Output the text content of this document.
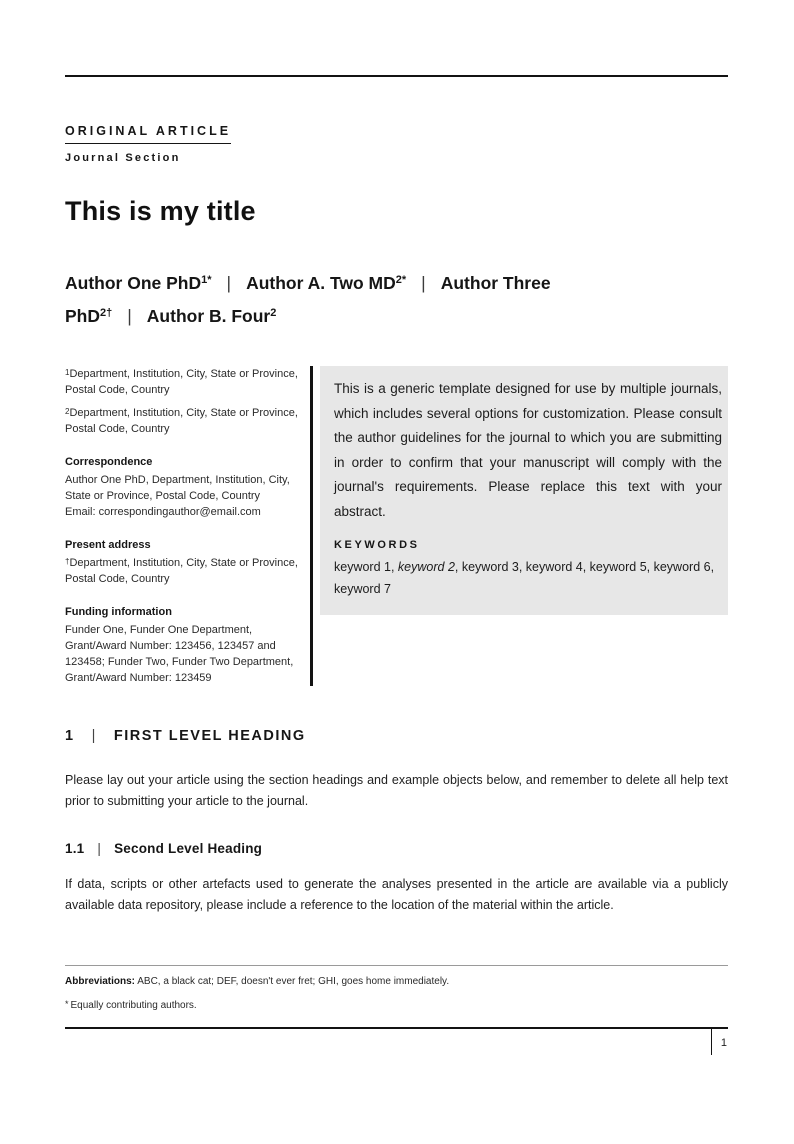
ORIGINAL ARTICLE
Journal Section
This is my title
Author One PhD$^{1*}$ | Author A. Two $MD^{2*}$ | Author Three PhD$^{2\dagger}$ | Author B. Four$^2$
$^1$Department, Institution, City, State or Province, Postal Code, Country
$^2$Department, Institution, City, State or Province, Postal Code, Country
Correspondence
Author One PhD, Department, Institution, City, State or Province, Postal Code, Country
Email: correspondingauthor@email.com
Present address
†Department, Institution, City, State or Province, Postal Code, Country
Funding information
Funder One, Funder One Department, Grant/Award Number: 123456, 123457 and 123458; Funder Two, Funder Two Department, Grant/Award Number: 123459

This is a generic template designed for use by multiple journals, which includes several options for customization. Please consult the author guidelines for the journal to which you are submitting in order to confirm that your manuscript will comply with the journal's requirements. Please replace this text with your abstract.

KEYWORDS

keyword 1, keyword 2, keyword 3, keyword 4, keyword 5, keyword 6, keyword 7

1 | FIRST LEVEL HEADING

Please lay out your article using the section headings and example objects below, and remember to delete all help text prior to submitting your article to the journal.

1.1 | Second Level Heading

If data, scripts or other artefacts used to generate the analyses presented in the article are available via a publicly available data repository, please include a reference to the location of the material within the article.

Abbreviations: ABC, a black cat; DEF, doesn't ever fret; GHI, goes home immediately.
* Equally contributing authors.
1
